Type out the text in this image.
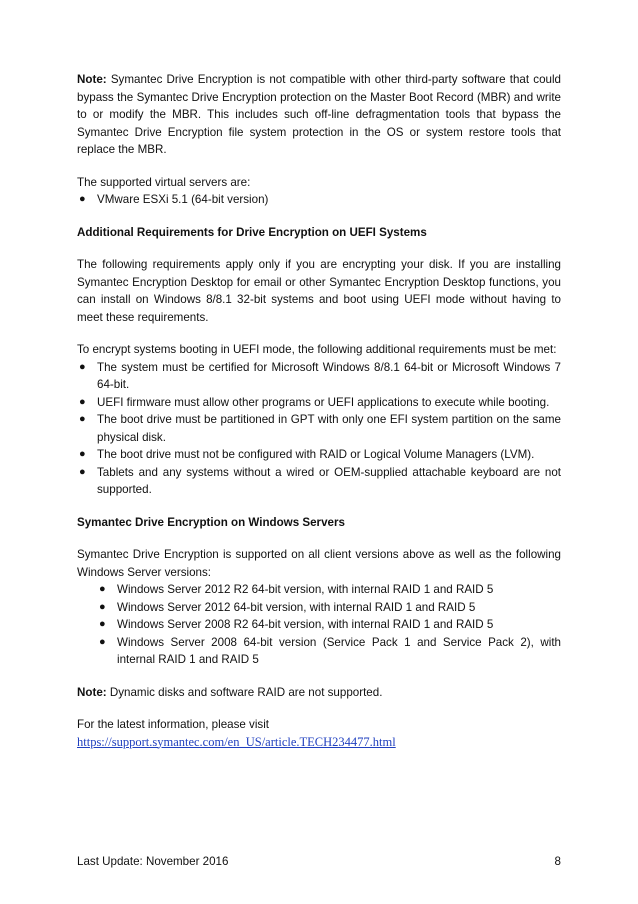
Note: Symantec Drive Encryption is not compatible with other third-party software that could bypass the Symantec Drive Encryption protection on the Master Boot Record (MBR) and write to or modify the MBR. This includes such off-line defragmentation tools that bypass the Symantec Drive Encryption file system protection in the OS or system restore tools that replace the MBR.

The supported virtual servers are:

● VMware ESXi 5.1 (64-bit version)

Additional Requirements for Drive Encryption on UEFI Systems

The following requirements apply only if you are encrypting your disk. If you are installing Symantec Encryption Desktop for email or other Symantec Encryption Desktop functions, you can install on Windows 8/8.1 32-bit systems and boot using UEFI mode without having to meet these requirements.

To encrypt systems booting in UEFI mode, the following additional requirements must be met:

● The system must be certified for Microsoft Windows 8/8.1 64-bit or Microsoft Windows 7 64-bit.
● UEFI firmware must allow other programs or UEFI applications to execute while booting.
● The boot drive must be partitioned in GPT with only one EFI system partition on the same physical disk.
● The boot drive must not be configured with RAID or Logical Volume Managers (LVM).
● Tablets and any systems without a wired or OEM-supplied attachable keyboard are not supported.

Symantec Drive Encryption on Windows Servers

Symantec Drive Encryption is supported on all client versions above as well as the following Windows Server versions:

● Windows Server 2012 R2 64-bit version, with internal RAID 1 and RAID 5
● Windows Server 2012 64-bit version, with internal RAID 1 and RAID 5
● Windows Server 2008 R2 64-bit version, with internal RAID 1 and RAID 5
● Windows Server 2008 64-bit version (Service Pack 1 and Service Pack 2), with internal RAID 1 and RAID 5

Note: Dynamic disks and software RAID are not supported.

For the latest information, please visit

https://support.symantec.com/en_US/article.TECH234477.html

Last Update: November 2016	8
